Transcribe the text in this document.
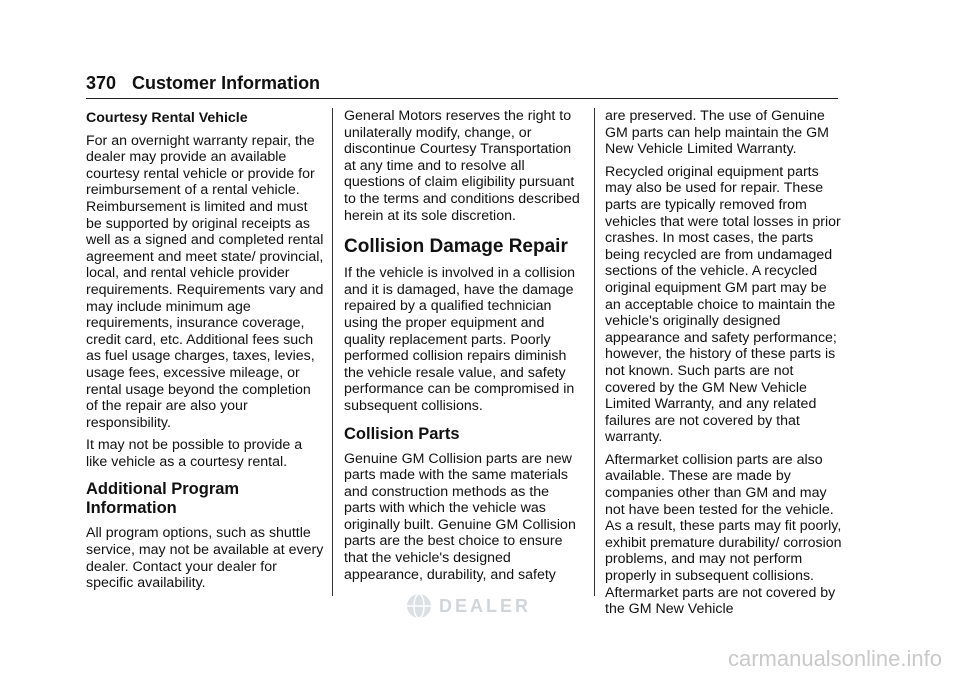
370 Customer Information

Courtesy Rental Vehicle

For an overnight warranty repair, the dealer may provide an available courtesy rental vehicle or provide for reimbursement of a rental vehicle. Reimbursement is limited and must be supported by original receipts as well as a signed and completed rental agreement and meet state/ provincial, local, and rental vehicle provider requirements. Requirements vary and may include minimum age requirements, insurance coverage, credit card, etc. Additional fees such as fuel usage charges, taxes, levies, usage fees, excessive mileage, or rental usage beyond the completion of the repair are also your responsibility.

It may not be possible to provide a like vehicle as a courtesy rental.

Additional Program Information

All program options, such as shuttle service, may not be available at every dealer. Contact your dealer for specific availability.

General Motors reserves the right to unilaterally modify, change, or discontinue Courtesy Transportation at any time and to resolve all questions of claim eligibility pursuant to the terms and conditions described herein at its sole discretion.

Collision Damage Repair

If the vehicle is involved in a collision and it is damaged, have the damage repaired by a qualified technician using the proper equipment and quality replacement parts. Poorly performed collision repairs diminish the vehicle resale value, and safety performance can be compromised in subsequent collisions.

Collision Parts

Genuine GM Collision parts are new parts made with the same materials and construction methods as the parts with which the vehicle was originally built. Genuine GM Collision parts are the best choice to ensure that the vehicle's designed appearance, durability, and safety

are preserved. The use of Genuine GM parts can help maintain the GM New Vehicle Limited Warranty.

Recycled original equipment parts may also be used for repair. These parts are typically removed from vehicles that were total losses in prior crashes. In most cases, the parts being recycled are from undamaged sections of the vehicle. A recycled original equipment GM part may be an acceptable choice to maintain the vehicle's originally designed appearance and safety performance; however, the history of these parts is not known. Such parts are not covered by the GM New Vehicle Limited Warranty, and any related failures are not covered by that warranty.

Aftermarket collision parts are also available. These are made by companies other than GM and may not have been tested for the vehicle. As a result, these parts may fit poorly, exhibit premature durability/ corrosion problems, and may not perform properly in subsequent collisions. Aftermarket parts are not covered by the GM New Vehicle

DEALER
carmanualsonline.info
